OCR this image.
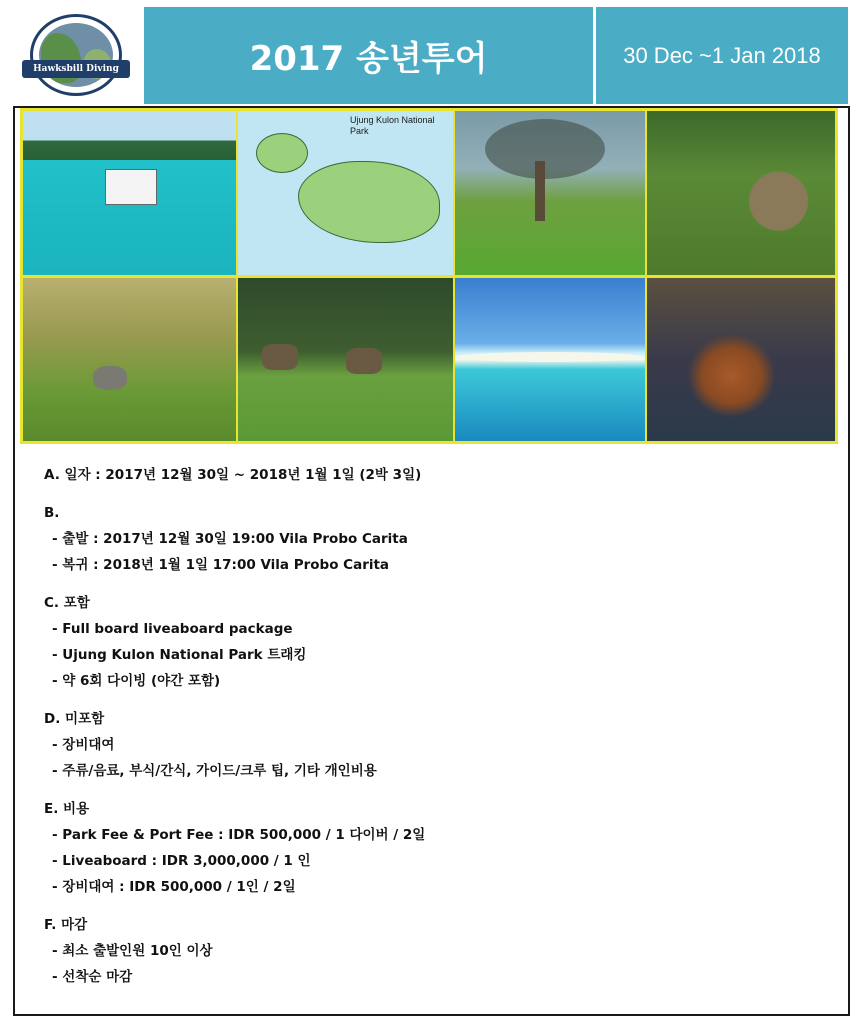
Hawksbill Diving	2017 송년투어	30 Dec ~1 Jan 2018
Ujung Kulon National Park
A. 일자 : 2017년 12월 30일 ~ 2018년 1월 1일 (2박 3일)
B.
- 출발 : 2017년 12월 30일 19:00 Vila Probo Carita
- 복귀 : 2018년 1월 1일 17:00 Vila Probo Carita
C. 포함
- Full board liveaboard package
- Ujung Kulon National Park 트래킹
- 약 6회 다이빙 (야간 포함)
D. 미포함
- 장비대여
- 주류/음료, 부식/간식, 가이드/크루 팁, 기타 개인비용
E. 비용
- Park Fee & Port Fee : IDR 500,000 / 1 다이버 / 2일
- Liveaboard : IDR 3,000,000 / 1 인
- 장비대여 : IDR 500,000 / 1인 / 2일
F. 마감
- 최소 출발인원 10인 이상
- 선착순 마감
